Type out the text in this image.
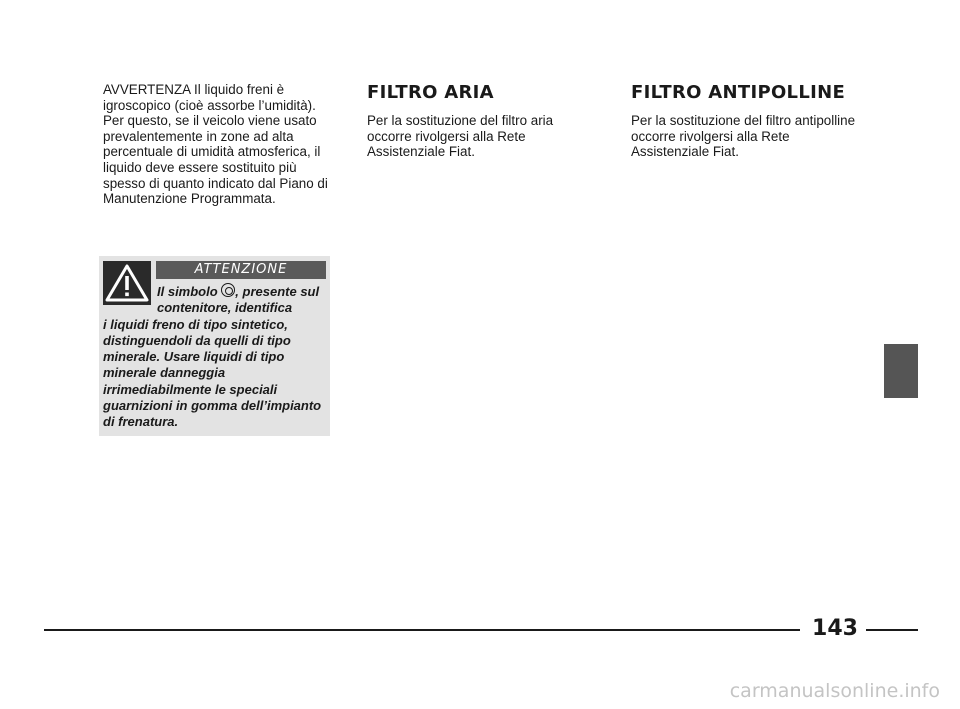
AVVERTENZA Il liquido freni è igroscopico (cioè assorbe l’umidità). Per questo, se il veicolo viene usato prevalentemente in zone ad alta percentuale di umidità atmosferica, il liquido deve essere sostituito più spesso di quanto indicato dal Piano di Manutenzione Programmata.

ATTENZIONE

Il simbolo , presente sul contenitore, identifica
i liquidi freno di tipo sintetico, distinguendoli da quelli di tipo minerale. Usare liquidi di tipo minerale danneggia irrimediabilmente le speciali guarnizioni in gomma dell’impianto di frenatura.

FILTRO ARIA

Per la sostituzione del filtro aria occorre rivolgersi alla Rete Assistenziale Fiat.

FILTRO ANTIPOLLINE

Per la sostituzione del filtro antipolline occorre rivolgersi alla Rete Assistenziale Fiat.

143
carmanualsonline.info
